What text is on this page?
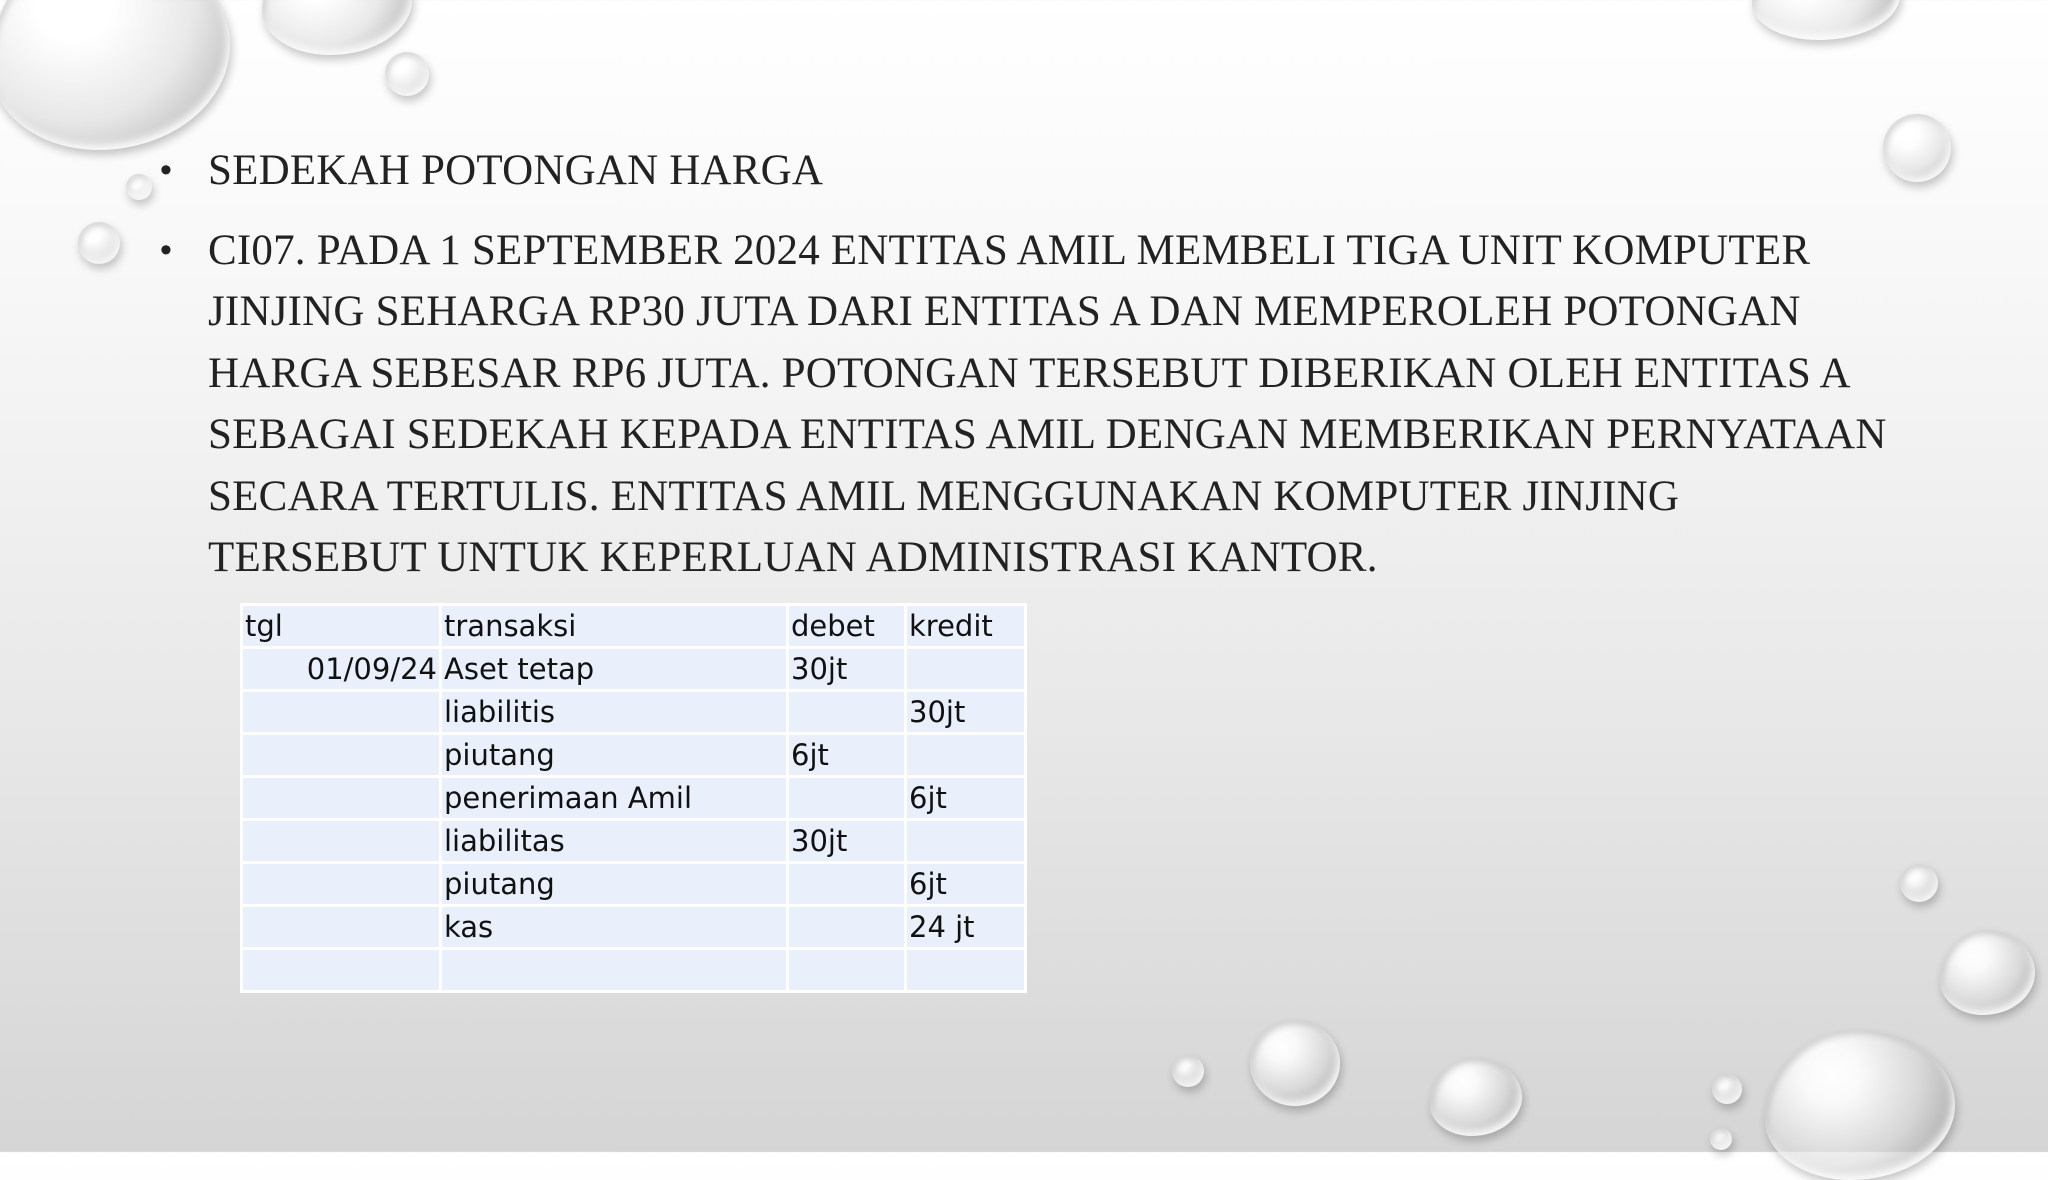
• SEDEKAH POTONGAN HARGA
• CI07. PADA 1 SEPTEMBER 2024 ENTITAS AMIL MEMBELI TIGA UNIT KOMPUTER JINJING SEHARGA RP30 JUTA DARI ENTITAS A DAN MEMPEROLEH POTONGAN HARGA SEBESAR RP6 JUTA. POTONGAN TERSEBUT DIBERIKAN OLEH ENTITAS A SEBAGAI SEDEKAH KEPADA ENTITAS AMIL DENGAN MEMBERIKAN PERNYATAAN SECARA TERTULIS. ENTITAS AMIL MENGGUNAKAN KOMPUTER JINJING TERSEBUT UNTUK KEPERLUAN ADMINISTRASI KANTOR.
tgl	transaksi	debet	kredit
01/09/24	Aset tetap	30jt	
	liabilitis		30jt
	piutang	6jt	
	penerimaan Amil		6jt
	liabilitas	30jt	
	piutang		6jt
	kas		24 jt
